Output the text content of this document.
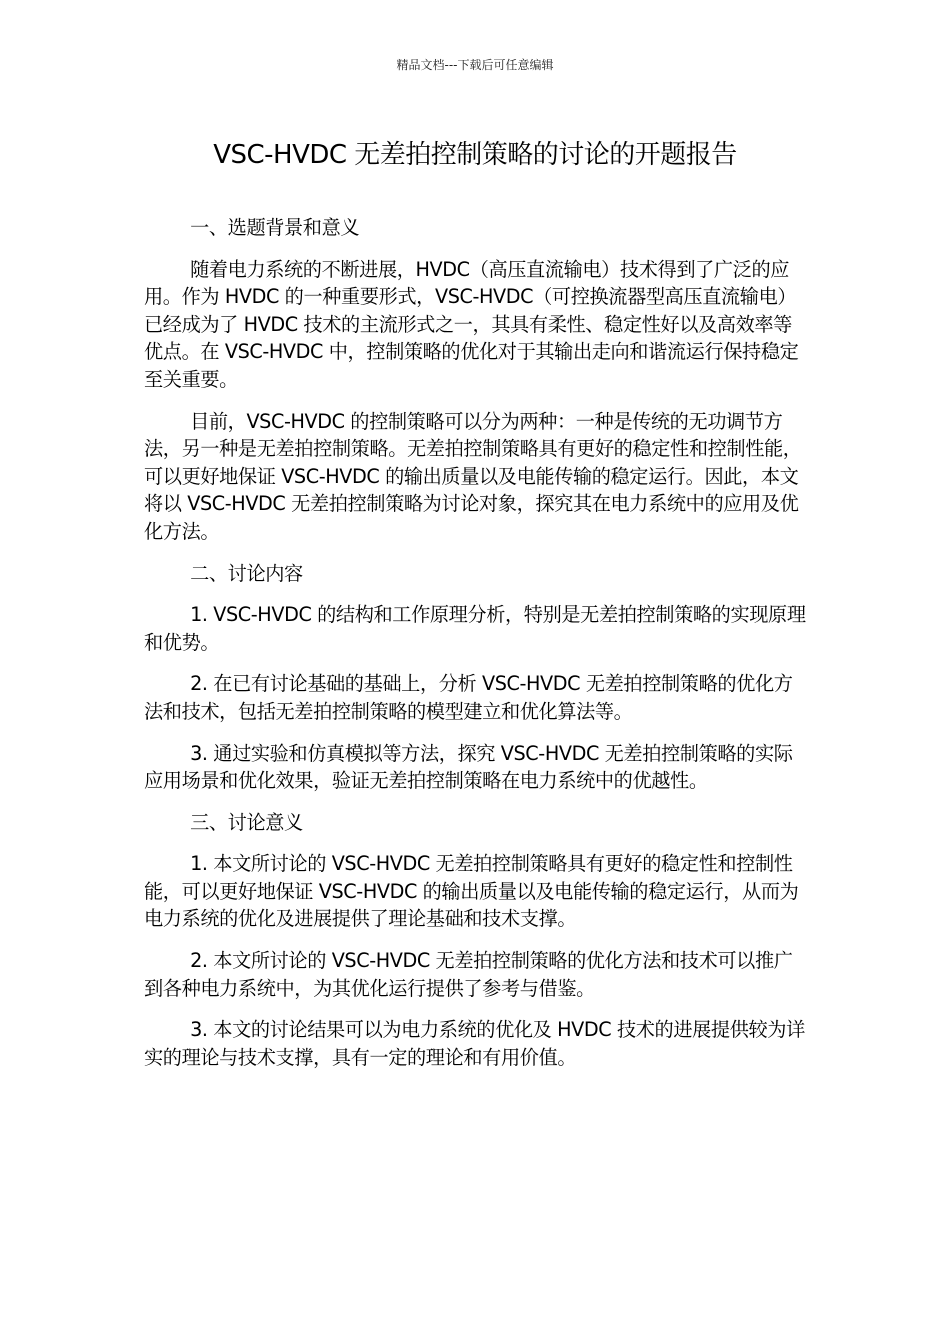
精品文档---下载后可任意编辑
VSC-HVDC 无差拍控制策略的讨论的开题报告

一、选题背景和意义

随着电力系统的不断进展，HVDC（高压直流输电）技术得到了广泛的应用。作为 HVDC 的一种重要形式，VSC-HVDC（可控换流器型高压直流输电）已经成为了 HVDC 技术的主流形式之一，其具有柔性、稳定性好以及高效率等优点。在 VSC-HVDC 中，控制策略的优化对于其输出走向和谐流运行保持稳定至关重要。

目前，VSC-HVDC 的控制策略可以分为两种：一种是传统的无功调节方法，另一种是无差拍控制策略。无差拍控制策略具有更好的稳定性和控制性能，可以更好地保证 VSC-HVDC 的输出质量以及电能传输的稳定运行。因此，本文将以 VSC-HVDC 无差拍控制策略为讨论对象，探究其在电力系统中的应用及优化方法。

二、讨论内容

1. VSC-HVDC 的结构和工作原理分析，特别是无差拍控制策略的实现原理和优势。

2. 在已有讨论基础的基础上，分析 VSC-HVDC 无差拍控制策略的优化方法和技术，包括无差拍控制策略的模型建立和优化算法等。

3. 通过实验和仿真模拟等方法，探究 VSC-HVDC 无差拍控制策略的实际应用场景和优化效果，验证无差拍控制策略在电力系统中的优越性。

三、讨论意义

1. 本文所讨论的 VSC-HVDC 无差拍控制策略具有更好的稳定性和控制性能，可以更好地保证 VSC-HVDC 的输出质量以及电能传输的稳定运行，从而为电力系统的优化及进展提供了理论基础和技术支撑。

2. 本文所讨论的 VSC-HVDC 无差拍控制策略的优化方法和技术可以推广到各种电力系统中，为其优化运行提供了参考与借鉴。

3. 本文的讨论结果可以为电力系统的优化及 HVDC 技术的进展提供较为详实的理论与技术支撑，具有一定的理论和有用价值。
